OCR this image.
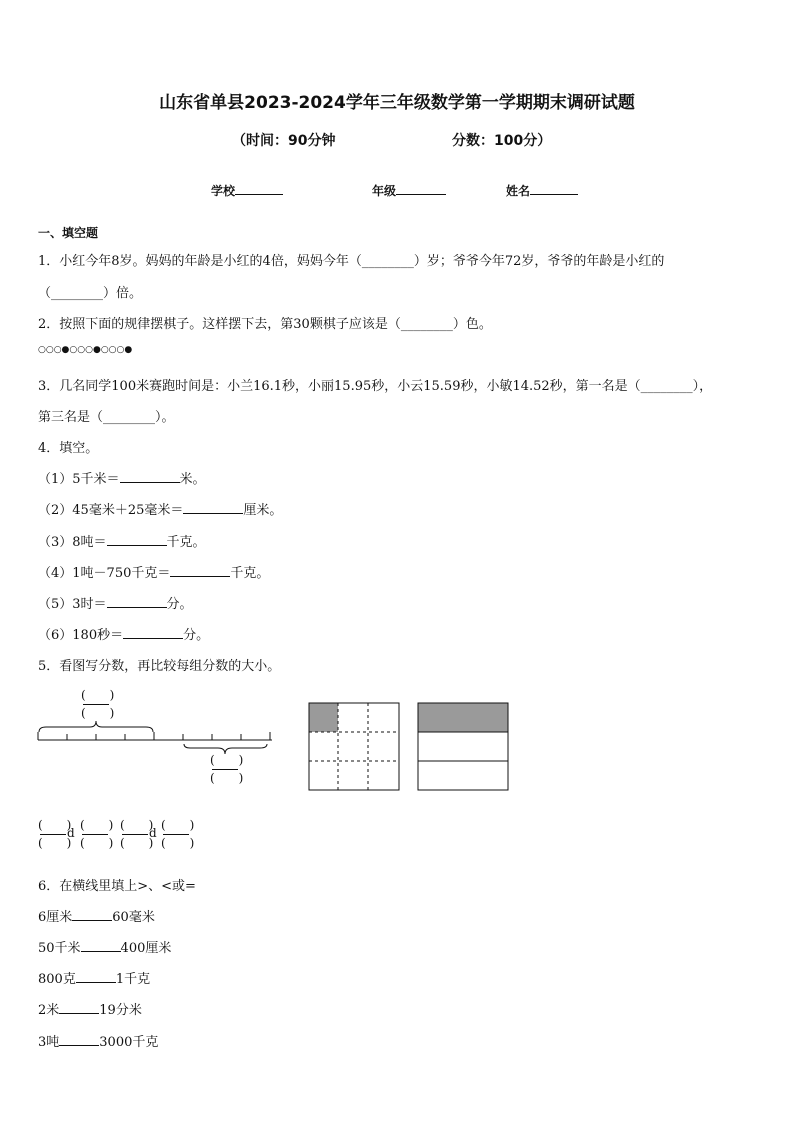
山东省单县2023-2024学年三年级数学第一学期期末调研试题
（时间：90分钟	分数：100分）
学校	年级	姓名
一、填空题
1．小红今年8岁。妈妈的年龄是小红的4倍，妈妈今年（________）岁；爷爷今年72岁，爷爷的年龄是小红的
（________）倍。
2．按照下面的规律摆棋子。这样摆下去，第30颗棋子应该是（________）色。
○○○●○○○●○○○●
3．几名同学100米赛跑时间是：小兰16.1秒，小丽15.95秒，小云15.59秒，小敏14.52秒，第一名是（________），
第三名是（________）。
4．填空。
（1）5千米＝	米。
（2）45毫米＋25毫米＝	厘米。
（3）8吨＝	千克。
（4）1吨－750千克＝	千克。
（5）3时＝	分。
（6）180秒＝	分。
5．看图写分数，再比较每组分数的大小。
(　　)
(　　)
(　　)
(　　)
(　　)
(　　)
d
(　　)
(　　)
(　　)
(　　)
d
(　　)
(　　)
6．在横线里填上>、<或=
6厘米	60毫米
50千米	400厘米
800克	1千克
2米	19分米
3吨	3000千克
